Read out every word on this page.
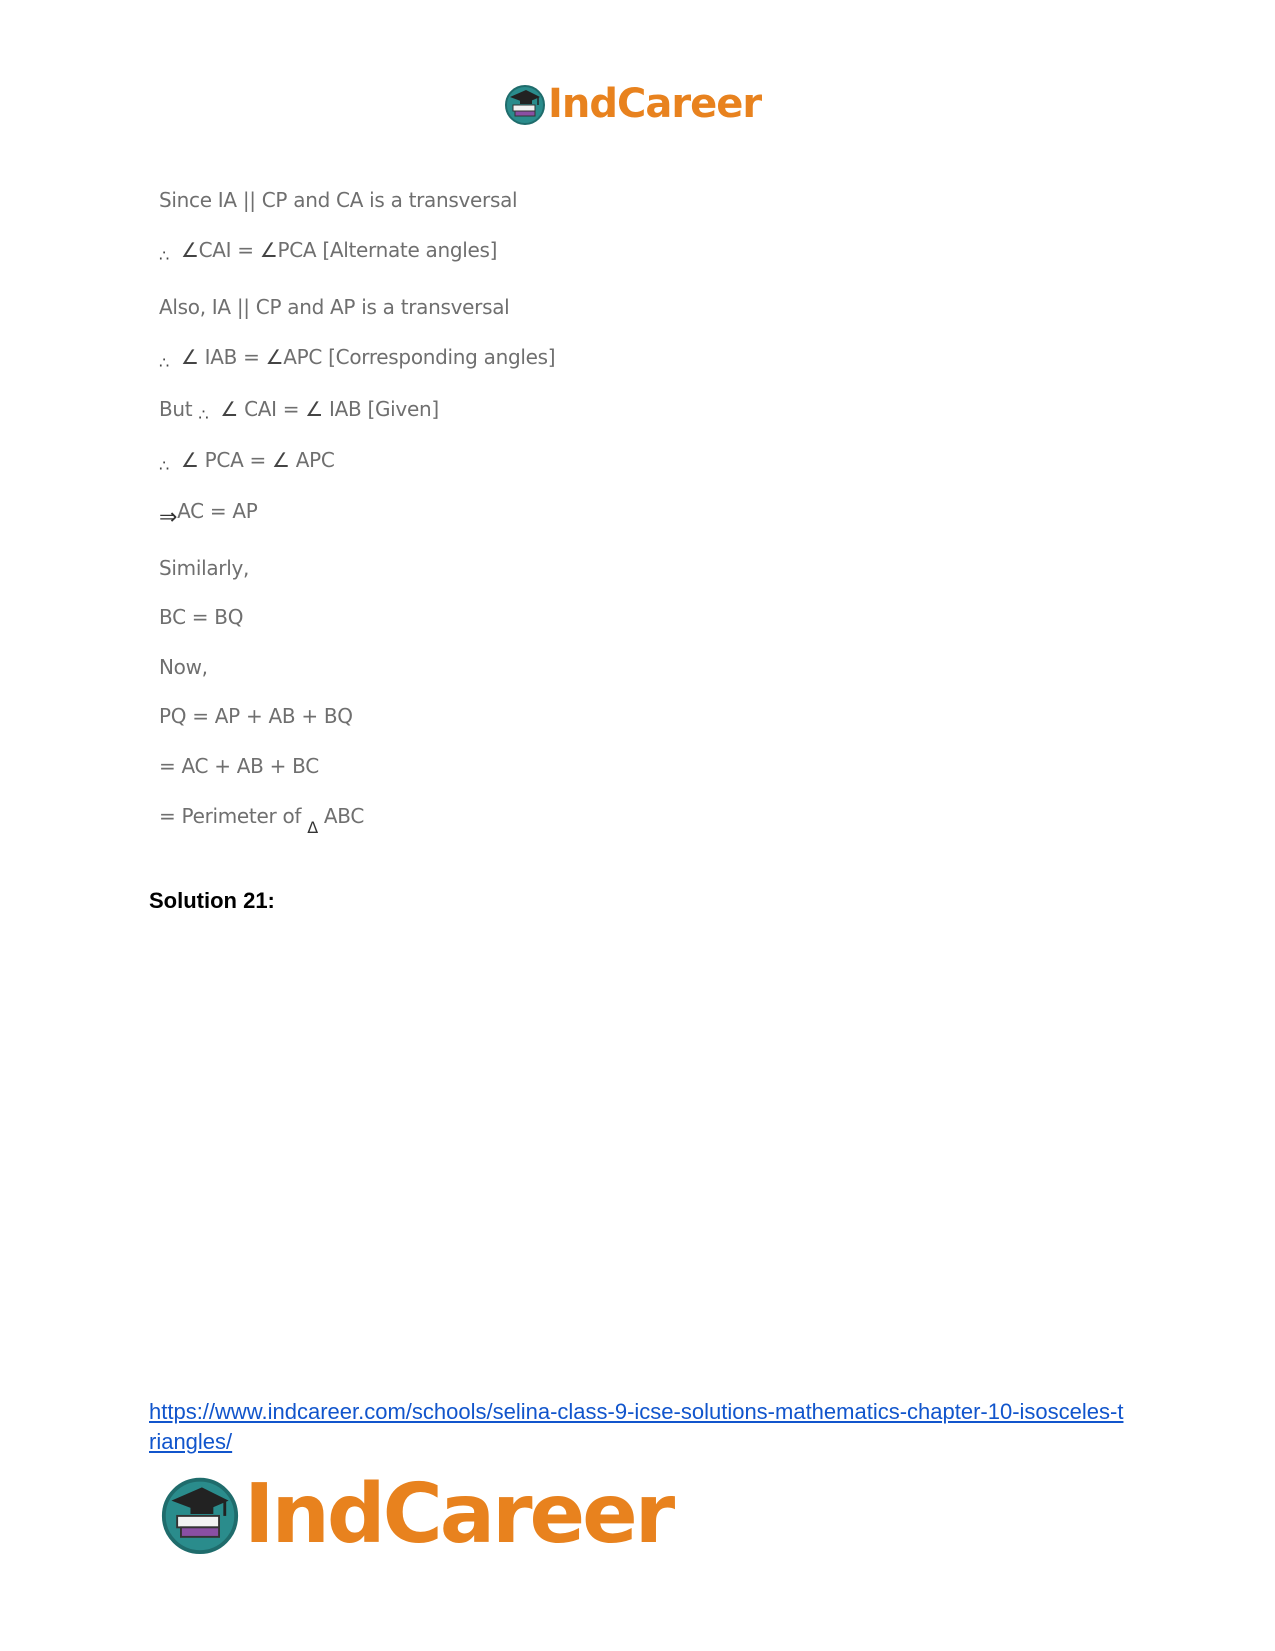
IndCareer
Since IA || CP and CA is a transversal
∴ ∠CAI = ∠PCA [Alternate angles]
Also, IA || CP and AP is a transversal
∴ ∠ IAB = ∠APC [Corresponding angles]
But ∴ ∠ CAI = ∠ IAB [Given]
∴ ∠ PCA = ∠ APC
⇒AC = AP
Similarly,
BC = BQ
Now,
PQ = AP + AB + BQ
= AC + AB + BC
= Perimeter of Δ ABC
Solution 21:
https://www.indcareer.com/schools/selina-class-9-icse-solutions-mathematics-chapter-10-isosceles-triangles/
IndCareer
